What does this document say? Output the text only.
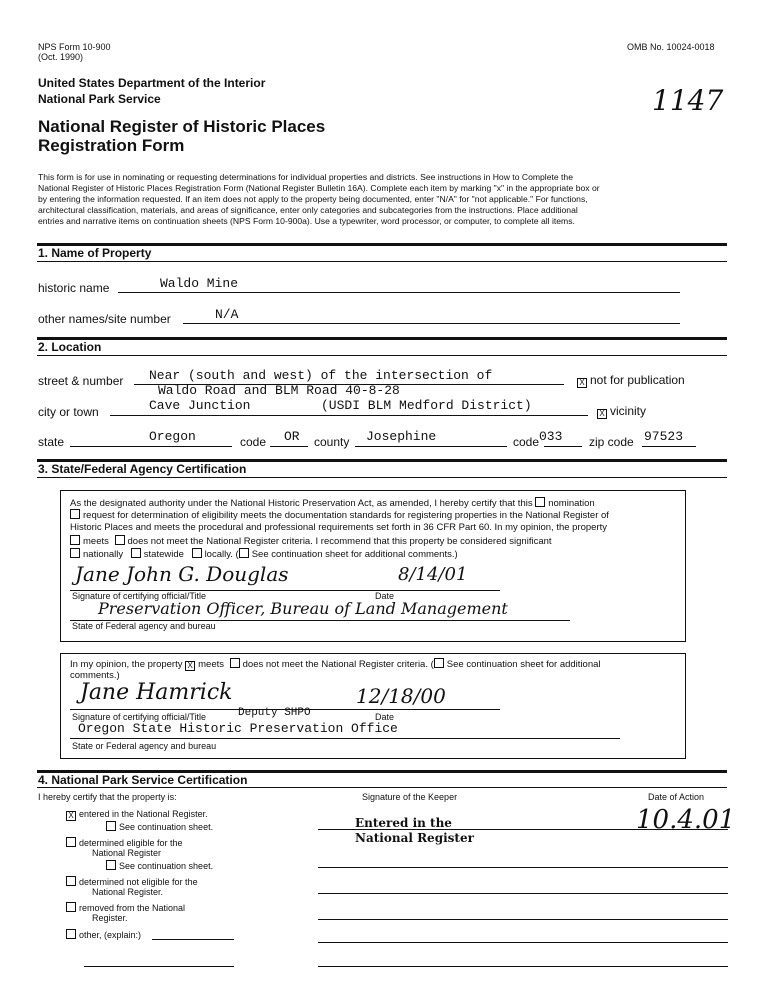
NPS Form 10-900
(Oct. 1990)
OMB No. 10024-0018
United States Department of the Interior
National Park Service	1147
National Register of Historic Places
Registration Form
This form is for use in nominating or requesting determinations for individual properties and districts. See instructions in How to Complete the
National Register of Historic Places Registration Form (National Register Bulletin 16A). Complete each item by marking "x" in the appropriate box or
by entering the information requested. If an item does not apply to the property being documented, enter "N/A" for "not applicable." For functions,
architectural classification, materials, and areas of significance, enter only categories and subcategories from the instructions. Place additional
entries and narrative items on continuation sheets (NPS Form 10-900a). Use a typewriter, word processor, or computer, to complete all items.
1. Name of Property
historic name	Waldo Mine
other names/site number	N/A
2. Location
street & number Near (south and west) of the intersection of
Waldo Road and BLM Road 40-8-28
X not for publication
city or town	Cave Junction	(USDI BLM Medford District)
X vicinity
state	Oregon	code OR county Josephine	code 033 zip code 97523
3. State/Federal Agency Certification
As the designated authority under the National Historic Preservation Act, as amended, I hereby certify that this nomination
request for determination of eligibility meets the documentation standards for registering properties in the National Register of
Historic Places and meets the procedural and professional requirements set forth in 36 CFR Part 60. In my opinion, the property
meets does not meet the National Register criteria. I recommend that this property be considered significant
nationally statewide locally. ( See continuation sheet for additional comments.)
Jane John G. Douglas	8/14/01
Signature of certifying official/Title	Date
Preservation Officer, Bureau of Land Management
State of Federal agency and bureau
In my opinion, the property X meets does not meet the National Register criteria. ( See continuation sheet for additional
comments.)
Jane Hamrick	12/18/00
Signature of certifying official/Title	Deputy SHPO	Date
Oregon State Historic Preservation Office
State or Federal agency and bureau
4. National Park Service Certification
I hereby certify that the property is:	Signature of the Keeper	Date of Action
X entered in the National Register.
See continuation sheet.
determined eligible for the
National Register
See continuation sheet.
determined not eligible for the
National Register.
removed from the National
Register.
other, (explain:)
Entered in the
National Register
10.4.01
